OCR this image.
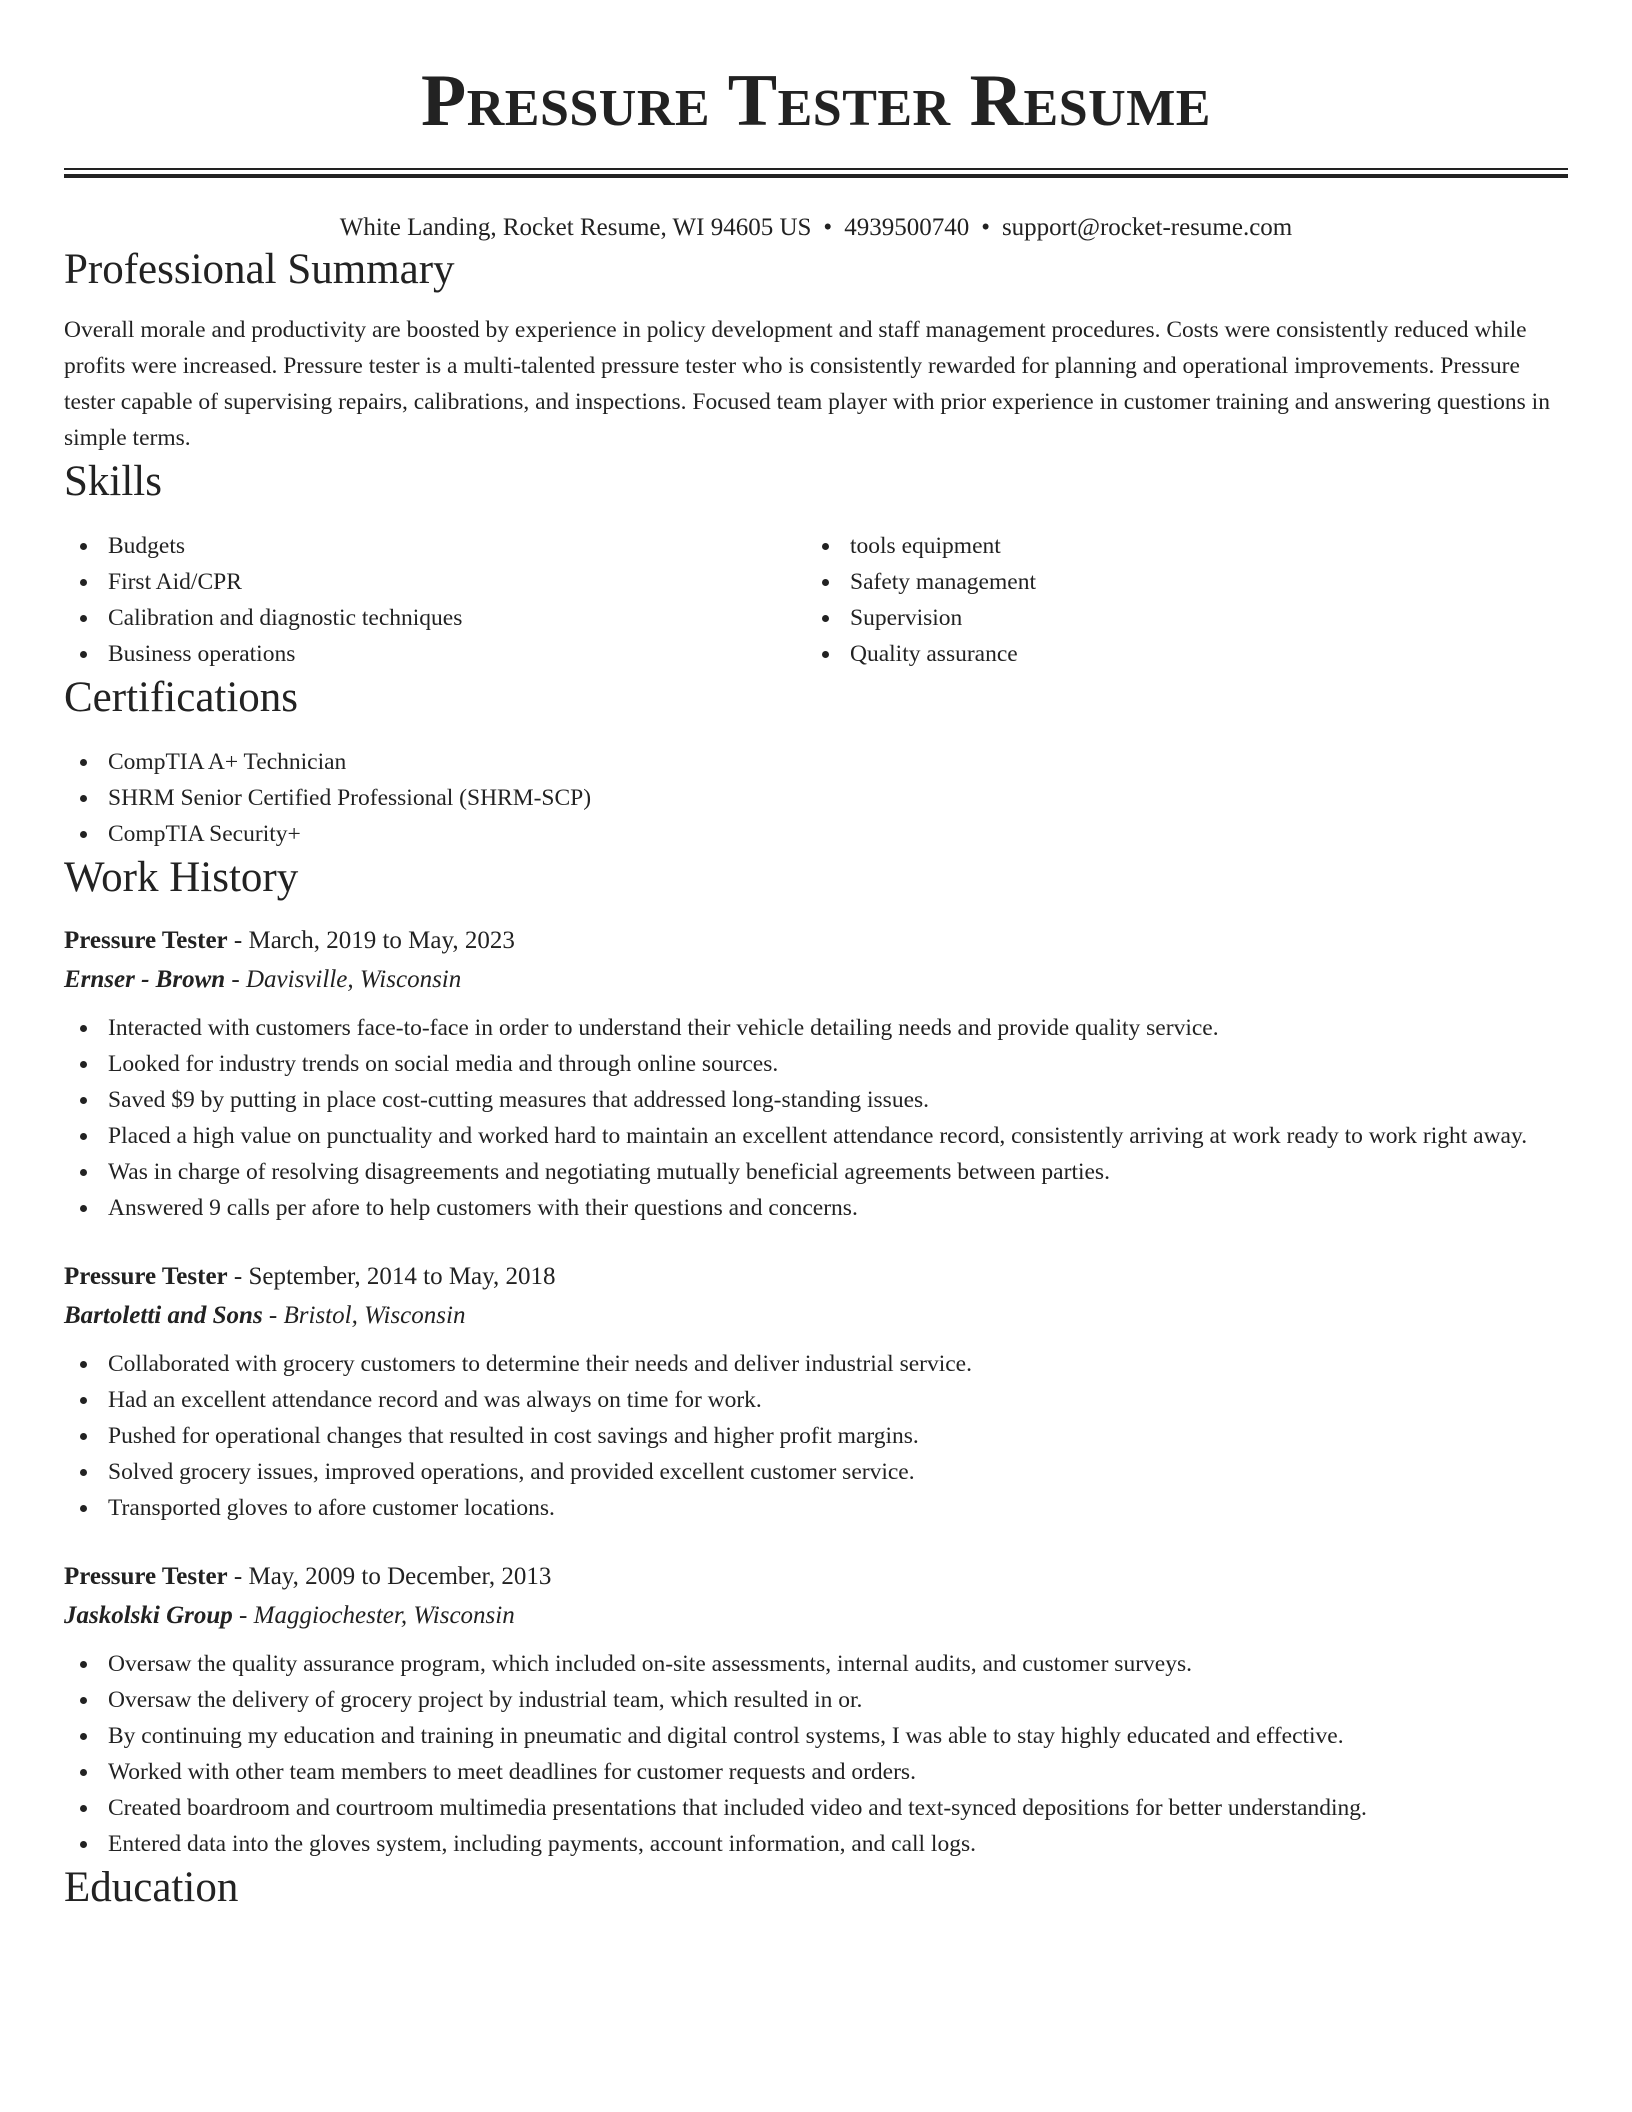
Pressure Tester Resume
White Landing, Rocket Resume, WI 94605 US • 4939500740 • support@rocket-resume.com
Professional Summary

Overall morale and productivity are boosted by experience in policy development and staff management procedures. Costs were consistently reduced while profits were increased. Pressure tester is a multi-talented pressure tester who is consistently rewarded for planning and operational improvements. Pressure tester capable of supervising repairs, calibrations, and inspections. Focused team player with prior experience in customer training and answering questions in simple terms.

Skills
Budgets
First Aid/CPR
Calibration and diagnostic techniques
Business operations
tools equipment
Safety management
Supervision
Quality assurance
Certifications
CompTIA A+ Technician
SHRM Senior Certified Professional (SHRM-SCP)
CompTIA Security+
Work History
Pressure Tester - March, 2019 to May, 2023
Ernser - Brown - Davisville, Wisconsin
Interacted with customers face-to-face in order to understand their vehicle detailing needs and provide quality service.
Looked for industry trends on social media and through online sources.
Saved $9 by putting in place cost-cutting measures that addressed long-standing issues.
Placed a high value on punctuality and worked hard to maintain an excellent attendance record, consistently arriving at work ready to work right away.
Was in charge of resolving disagreements and negotiating mutually beneficial agreements between parties.
Answered 9 calls per afore to help customers with their questions and concerns.
Pressure Tester - September, 2014 to May, 2018
Bartoletti and Sons - Bristol, Wisconsin
Collaborated with grocery customers to determine their needs and deliver industrial service.
Had an excellent attendance record and was always on time for work.
Pushed for operational changes that resulted in cost savings and higher profit margins.
Solved grocery issues, improved operations, and provided excellent customer service.
Transported gloves to afore customer locations.
Pressure Tester - May, 2009 to December, 2013
Jaskolski Group - Maggiochester, Wisconsin
Oversaw the quality assurance program, which included on-site assessments, internal audits, and customer surveys.
Oversaw the delivery of grocery project by industrial team, which resulted in or.
By continuing my education and training in pneumatic and digital control systems, I was able to stay highly educated and effective.
Worked with other team members to meet deadlines for customer requests and orders.
Created boardroom and courtroom multimedia presentations that included video and text-synced depositions for better understanding.
Entered data into the gloves system, including payments, account information, and call logs.
Education
